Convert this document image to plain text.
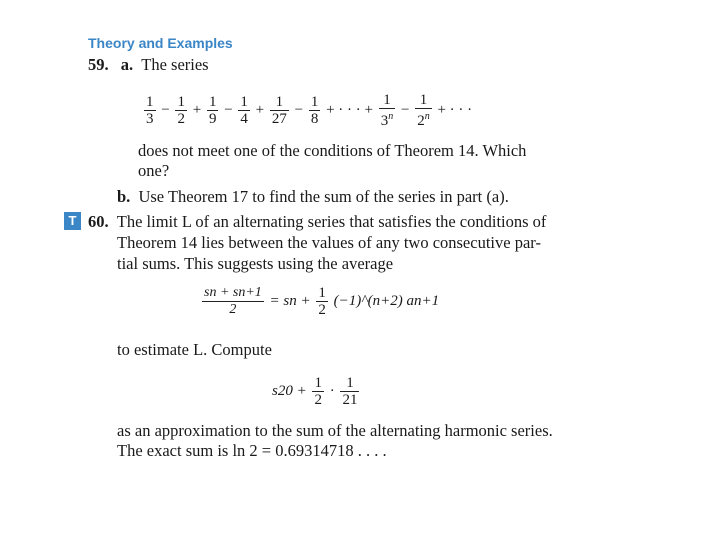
Theory and Examples
59. a. The series
$\frac{1}{3} - \frac{1}{2} + \frac{1}{9} - \frac{1}{4} + \frac{1}{27} - \frac{1}{8}$ + · · · + $\frac{1}{3^n} - \frac{1}{2^n}$ + · · ·
does not meet one of the conditions of Theorem 14. Which
one?
b. Use Theorem 17 to find the sum of the series in part (a).
T 60. The limit L of an alternating series that satisfies the conditions of
Theorem 14 lies between the values of any two consecutive par-
tial sums. This suggests using the average
$\frac{sn + sn+1}{2}$ = sn + $\frac{1}{2}$ (−1)^(n+2) an+1
to estimate L. Compute
$s20 + \frac{1}{2} \cdot \frac{1}{21}$
as an approximation to the sum of the alternating harmonic series.
The exact sum is ln 2 = 0.69314718 . . . .
